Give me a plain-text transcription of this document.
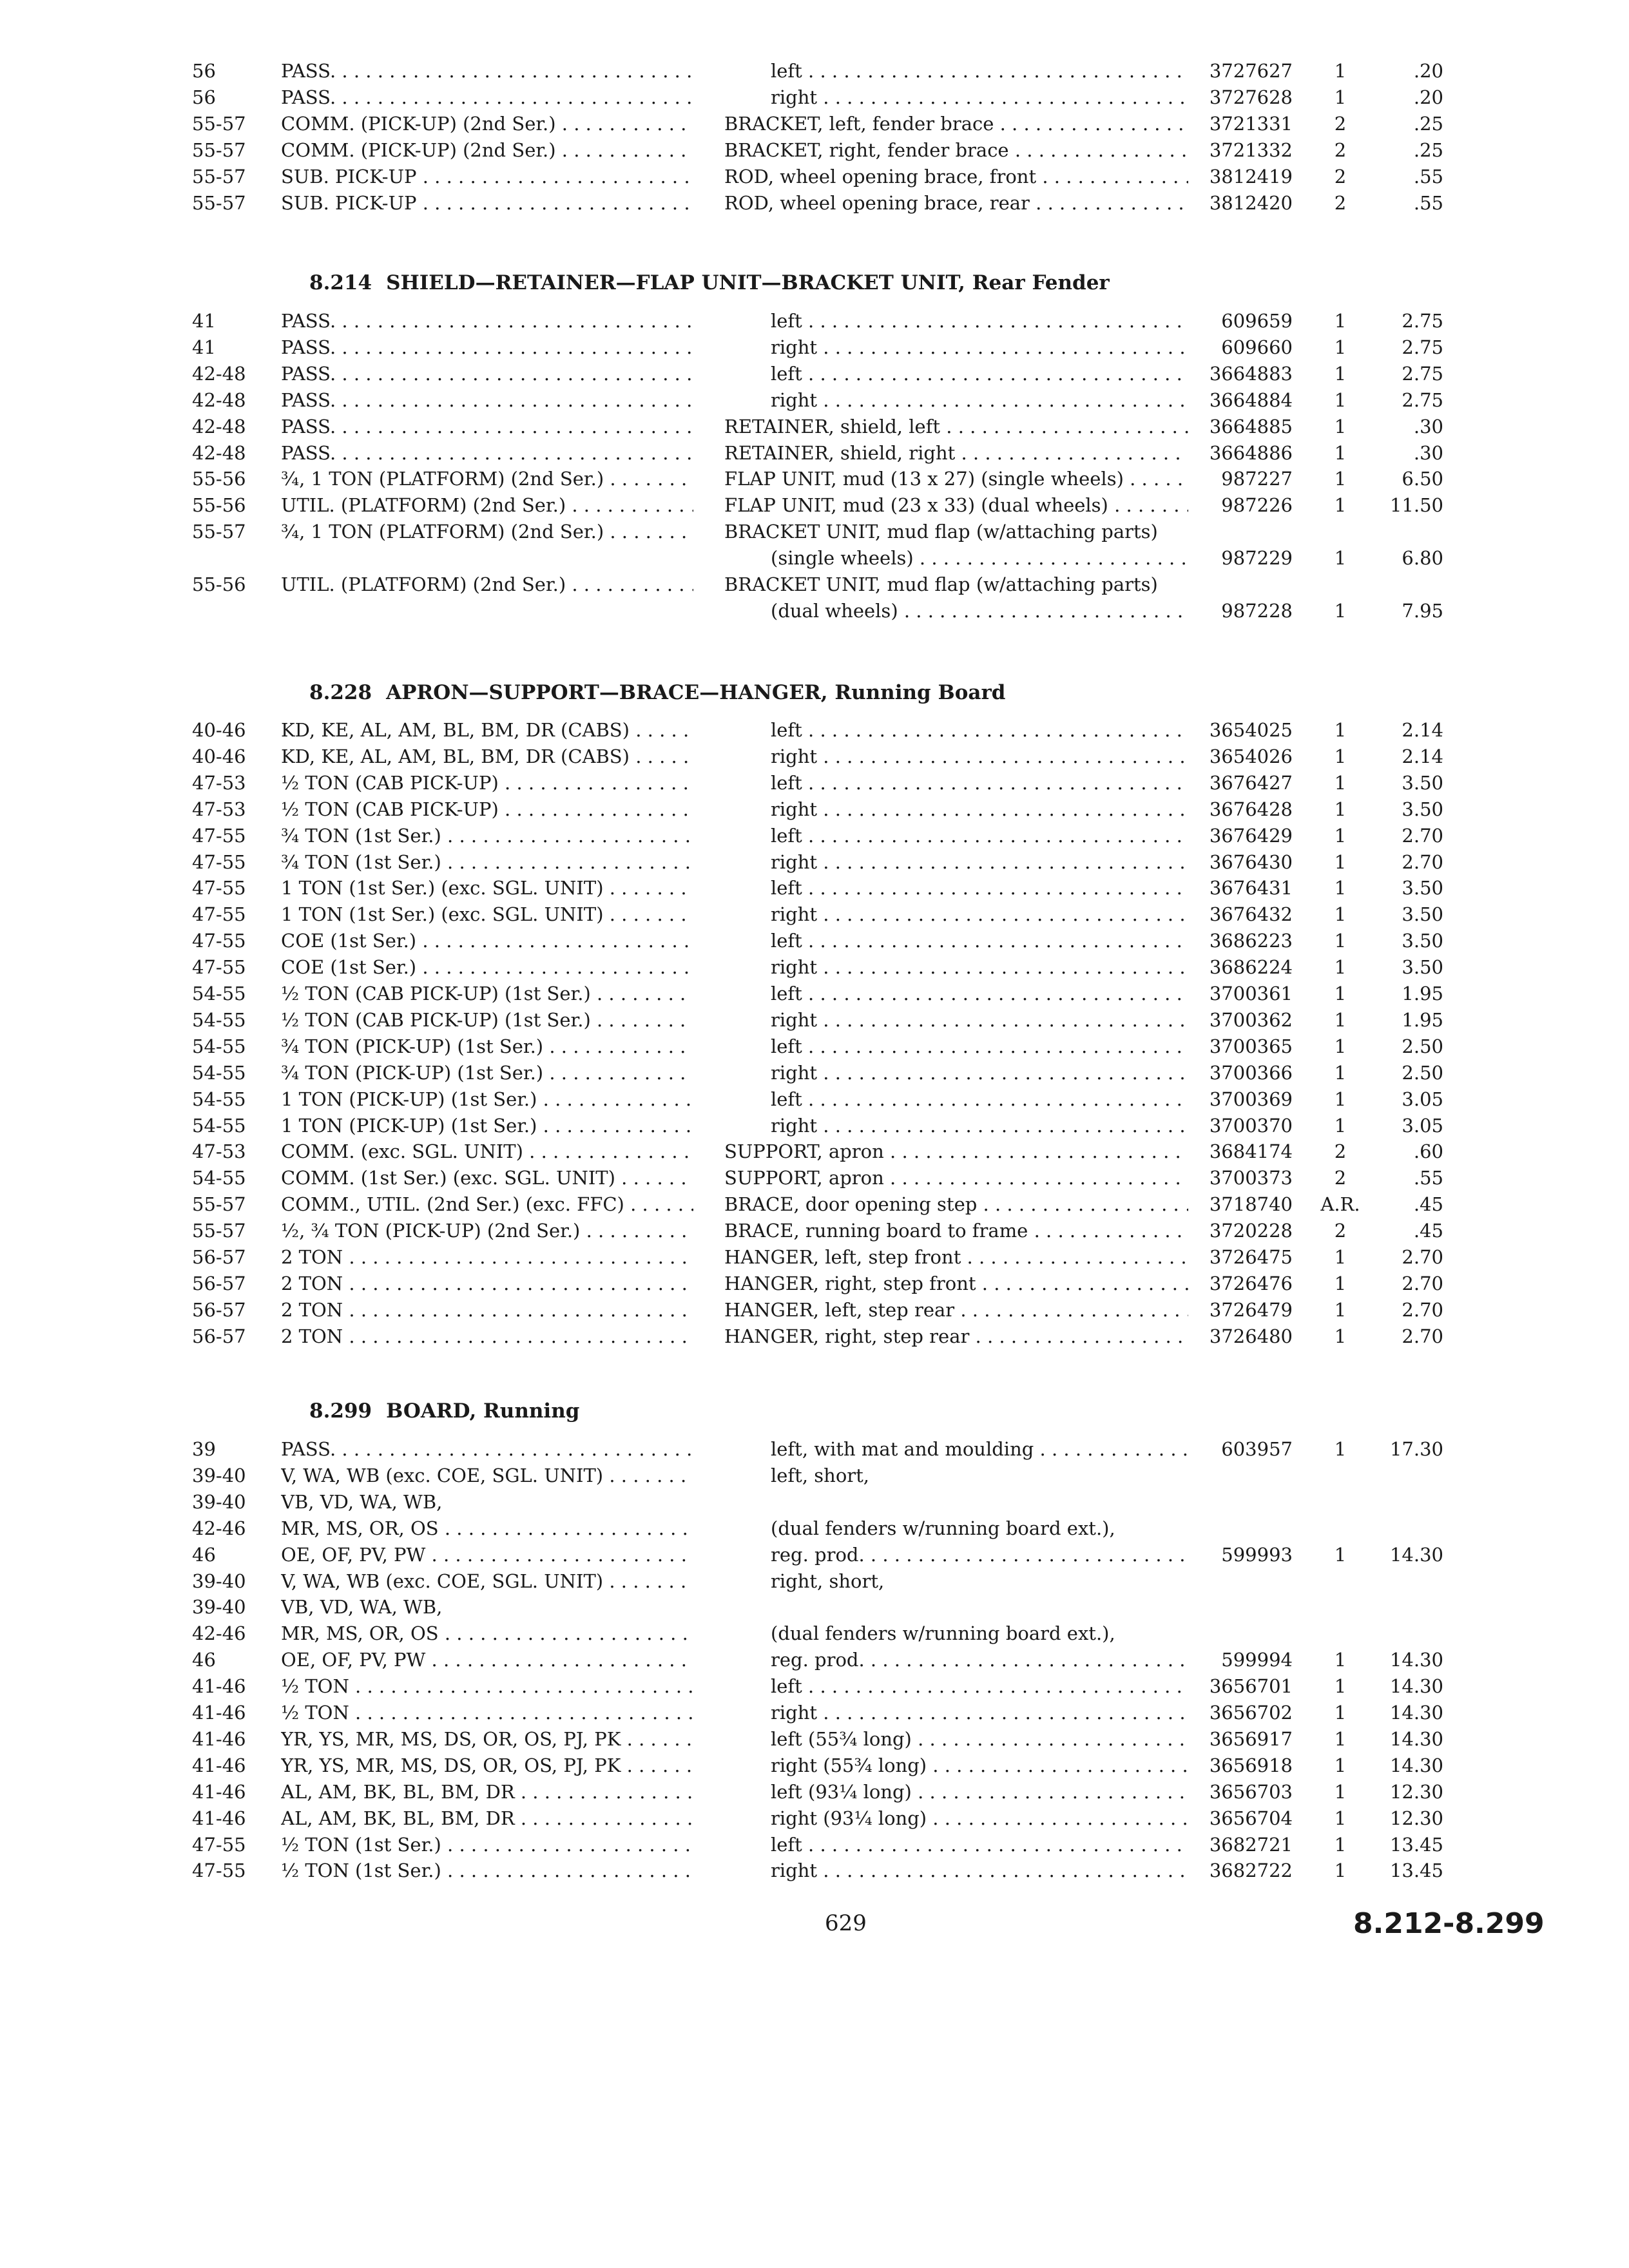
629	8.212-8.299
56	PASS. . . .	left . . .	3727627	1	.20
56	PASS. . . .	right . . .	3727628	1	.20
55-57	COMM. (PICK-UP) (2nd Ser.) . . .	BRACKET, left, fender brace . . .	3721331	2	.25
55-57	COMM. (PICK-UP) (2nd Ser.) . . .	BRACKET, right, fender brace . . .	3721332	2	.25
55-57	SUB. PICK-UP . . .	ROD, wheel opening brace, front . . .	3812419	2	.55
55-57	SUB. PICK-UP . . .	ROD, wheel opening brace, rear . . .	3812420	2	.55
8.214 SHIELD—RETAINER—FLAP UNIT—BRACKET UNIT, Rear Fender
41	PASS. . . .	left . . .	609659	1	2.75
41	PASS. . . .	right . . .	609660	1	2.75
42-48	PASS. . . .	left . . .	3664883	1	2.75
42-48	PASS. . . .	right . . .	3664884	1	2.75
42-48	PASS. . . .	RETAINER, shield, left . . .	3664885	1	.30
42-48	PASS. . . .	RETAINER, shield, right . . .	3664886	1	.30
55-56	¾, 1 TON (PLATFORM) (2nd Ser.) . . .	FLAP UNIT, mud (13 x 27) (single wheels) . . .	987227	1	6.50
55-56	UTIL. (PLATFORM) (2nd Ser.) . . .	FLAP UNIT, mud (23 x 33) (dual wheels) . . .	987226	1	11.50
55-57	¾, 1 TON (PLATFORM) (2nd Ser.) . . .	BRACKET UNIT, mud flap (w/attaching parts)
(single wheels) . . .	987229	1	6.80
55-56	UTIL. (PLATFORM) (2nd Ser.) . . .	BRACKET UNIT, mud flap (w/attaching parts)
(dual wheels) . . .	987228	1	7.95
8.228 APRON—SUPPORT—BRACE—HANGER, Running Board
40-46	KD, KE, AL, AM, BL, BM, DR (CABS) . . .	left . . .	3654025	1	2.14
40-46	KD, KE, AL, AM, BL, BM, DR (CABS) . . .	right . . .	3654026	1	2.14
47-53	½ TON (CAB PICK-UP) . . .	left . . .	3676427	1	3.50
47-53	½ TON (CAB PICK-UP) . . .	right . . .	3676428	1	3.50
47-55	¾ TON (1st Ser.) . . .	left . . .	3676429	1	2.70
47-55	¾ TON (1st Ser.) . . .	right . . .	3676430	1	2.70
47-55	1 TON (1st Ser.) (exc. SGL. UNIT) . . .	left . . .	3676431	1	3.50
47-55	1 TON (1st Ser.) (exc. SGL. UNIT) . . .	right . . .	3676432	1	3.50
47-55	COE (1st Ser.) . . .	left . . .	3686223	1	3.50
47-55	COE (1st Ser.) . . .	right . . .	3686224	1	3.50
54-55	½ TON (CAB PICK-UP) (1st Ser.) . . .	left . . .	3700361	1	1.95
54-55	½ TON (CAB PICK-UP) (1st Ser.) . . .	right . . .	3700362	1	1.95
54-55	¾ TON (PICK-UP) (1st Ser.) . . .	left . . .	3700365	1	2.50
54-55	¾ TON (PICK-UP) (1st Ser.) . . .	right . . .	3700366	1	2.50
54-55	1 TON (PICK-UP) (1st Ser.) . . .	left . . .	3700369	1	3.05
54-55	1 TON (PICK-UP) (1st Ser.) . . .	right . . .	3700370	1	3.05
47-53	COMM. (exc. SGL. UNIT) . . .	SUPPORT, apron . . .	3684174	2	.60
54-55	COMM. (1st Ser.) (exc. SGL. UNIT) . . .	SUPPORT, apron . . .	3700373	2	.55
55-57	COMM., UTIL. (2nd Ser.) (exc. FFC) . . .	BRACE, door opening step . . .	3718740	A.R.	.45
55-57	½, ¾ TON (PICK-UP) (2nd Ser.) . . .	BRACE, running board to frame . . .	3720228	2	.45
56-57	2 TON . . .	HANGER, left, step front . . .	3726475	1	2.70
56-57	2 TON . . .	HANGER, right, step front . . .	3726476	1	2.70
56-57	2 TON . . .	HANGER, left, step rear . . .	3726479	1	2.70
56-57	2 TON . . .	HANGER, right, step rear . . .	3726480	1	2.70
8.299 BOARD, Running
39	PASS. . . .	left, with mat and moulding . . .	603957	1	17.30
39-40	V, WA, WB (exc. COE, SGL. UNIT) . . .	left, short,
39-40	VB, VD, WA, WB,
42-46	MR, MS, OR, OS . . .	(dual fenders w/running board ext.),
46	OE, OF, PV, PW . . .	reg. prod. . . .	599993	1	14.30
39-40	V, WA, WB (exc. COE, SGL. UNIT) . . .	right, short,
39-40	VB, VD, WA, WB,
42-46	MR, MS, OR, OS . . .	(dual fenders w/running board ext.),
46	OE, OF, PV, PW . . .	reg. prod. . . .	599994	1	14.30
41-46	½ TON . . .	left . . .	3656701	1	14.30
41-46	½ TON . . .	right . . .	3656702	1	14.30
41-46	YR, YS, MR, MS, DS, OR, OS, PJ, PK . . .	left (55¾ long) . . .	3656917	1	14.30
41-46	YR, YS, MR, MS, DS, OR, OS, PJ, PK . . .	right (55¾ long) . . .	3656918	1	14.30
41-46	AL, AM, BK, BL, BM, DR . . .	left (93¼ long) . . .	3656703	1	12.30
41-46	AL, AM, BK, BL, BM, DR . . .	right (93¼ long) . . .	3656704	1	12.30
47-55	½ TON (1st Ser.) . . .	left . . .	3682721	1	13.45
47-55	½ TON (1st Ser.) . . .	right . . .	3682722	1	13.45
